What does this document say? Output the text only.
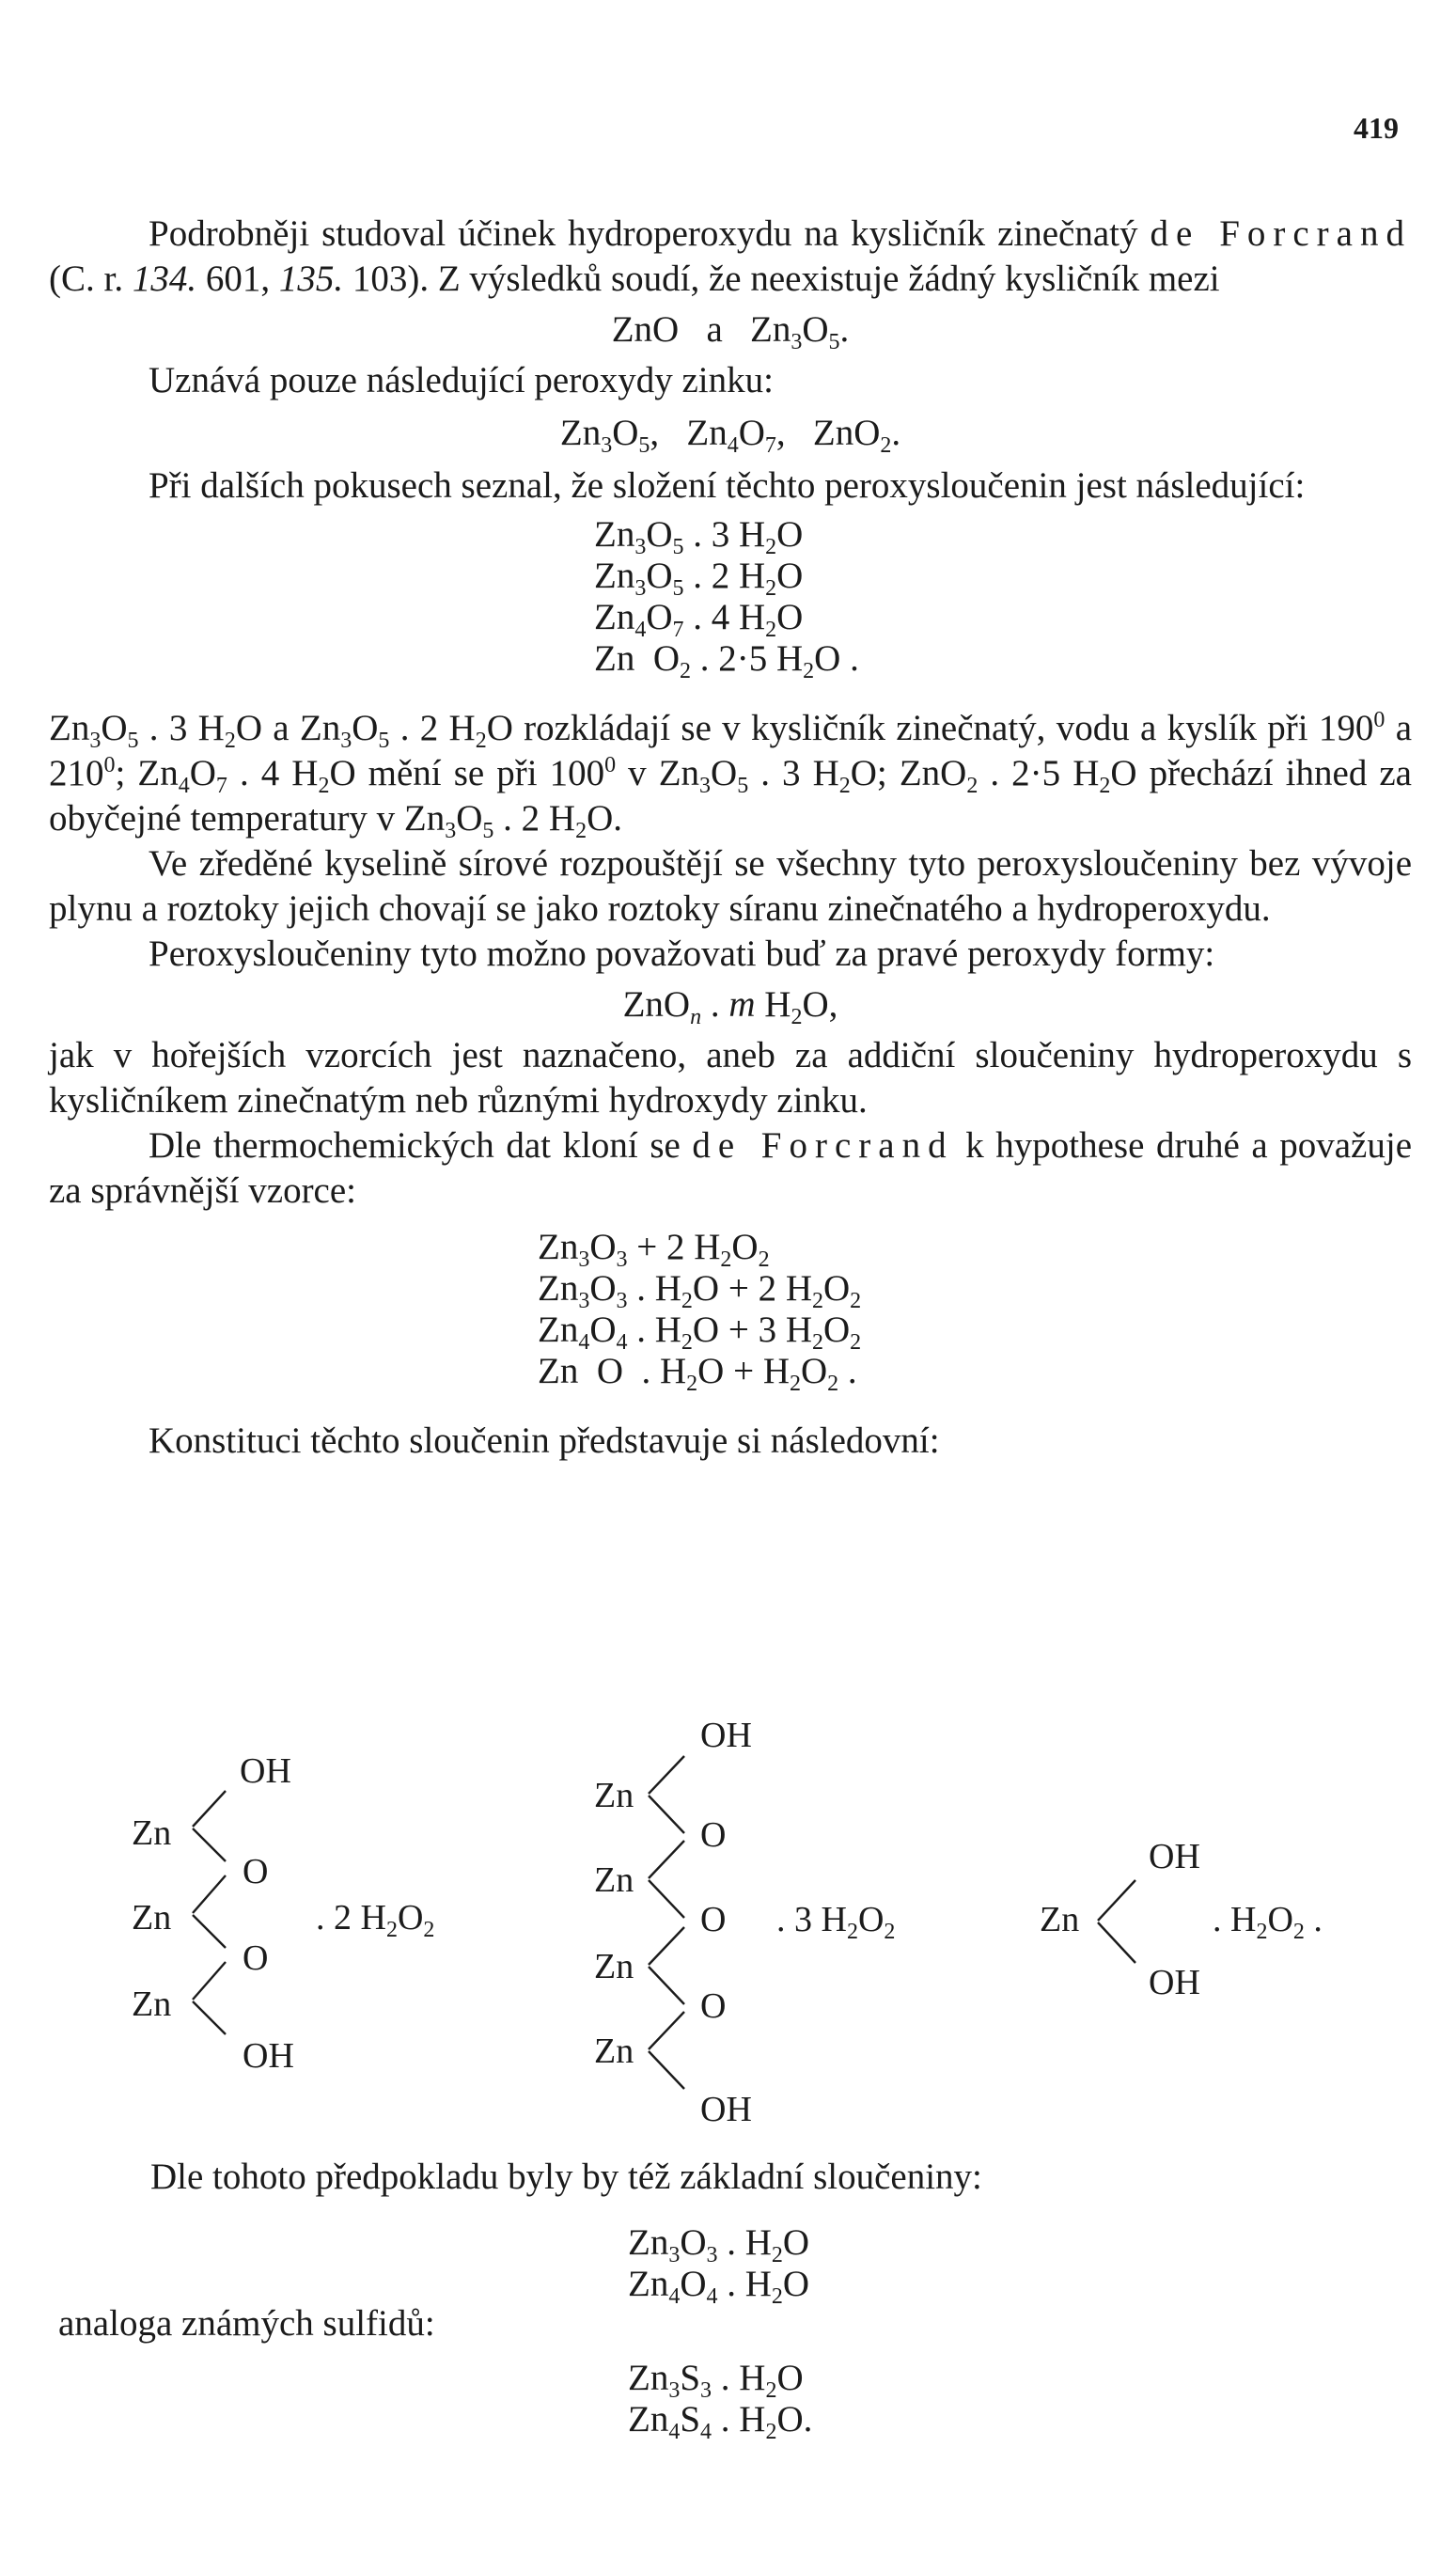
419

Podrobněji studoval účinek hydroperoxydu na kysličník zinečnatý de Forcrand (C. r. 134. 601, 135. 103). Z výsledků soudí, že neexistuje žádný kysličník mezi

ZnO a $Zn_3O_5$.

Uznává pouze následující peroxydy zinku:

$Zn_3O_5$,   $Zn_4O_7$,   ZnO$_2$.

Při dalších pokusech seznal, že složení těchto peroxysloučenin jest následující:

$Zn_3O_5$ . 3 $H_2O$
$Zn_3O_5$ . 2 $H_2O$
$Zn_4O_7$ . 4 $H_2O$
Zn  $O_2$ . 2·5 $H_2O$ .

$Zn_3O_5$ . 3 $H_2O$ a $Zn_3O_5$ . 2 $H_2O$ rozkládají se v kysličník zinečnatý, vodu a kyslík při $190^0$ a $210^0$; $Zn_4O_7$ . 4 $H_2O$ mění se při $100^0$ v $Zn_3O_5$ . 3 $H_2O$; ZnO$_2$ . 2·5 $H_2O$ přechází ihned za obyčejné temperatury v $Zn_3O_5$ . 2 $H_2O$.

Ve zředěné kyselině sírové rozpouštějí se všechny tyto peroxysloučeniny bez vývoje plynu a roztoky jejich chovají se jako roztoky síranu zinečnatého a hydroperoxydu.

Peroxysloučeniny tyto možno považovati buď za pravé peroxydy formy:

ZnO$_n$ . m $H_2O$,

jak v hořejších vzorcích jest naznačeno, aneb za addiční sloučeniny hydroperoxydu s kysličníkem zinečnatým neb různými hydroxydy zinku.

Dle thermochemických dat kloní se de Forcrand k hypothese druhé a považuje za správnější vzorce:

$Zn_3O_3 + 2$ $H_2O_2$
$Zn_3O_3$ . $H_2O + 2$ $H_2O_2$
$Zn_4O_4$ . $H_2O + 3$ $H_2O_2$
Zn  O  . $H_2O + H_2O_2$ .

Konstituci těchto sloučenin představuje si následovní:

OH
Zn
O
Zn
O
Zn
OH
. 2 $H_2O_2$
OH
Zn
O
Zn
O
Zn
O
Zn
OH
. 3 $H_2O_2$
OH
Zn
OH
. $H_2O_2$ .
Dle tohoto předpokladu byly by též základní sloučeniny:
$Zn_3O_3$ . $H_2O$
$Zn_4O_4$ . $H_2O$
analoga známých sulfidů:
$Zn_3S_3$ . $H_2O$
$Zn_4S_4$ . $H_2O$.
